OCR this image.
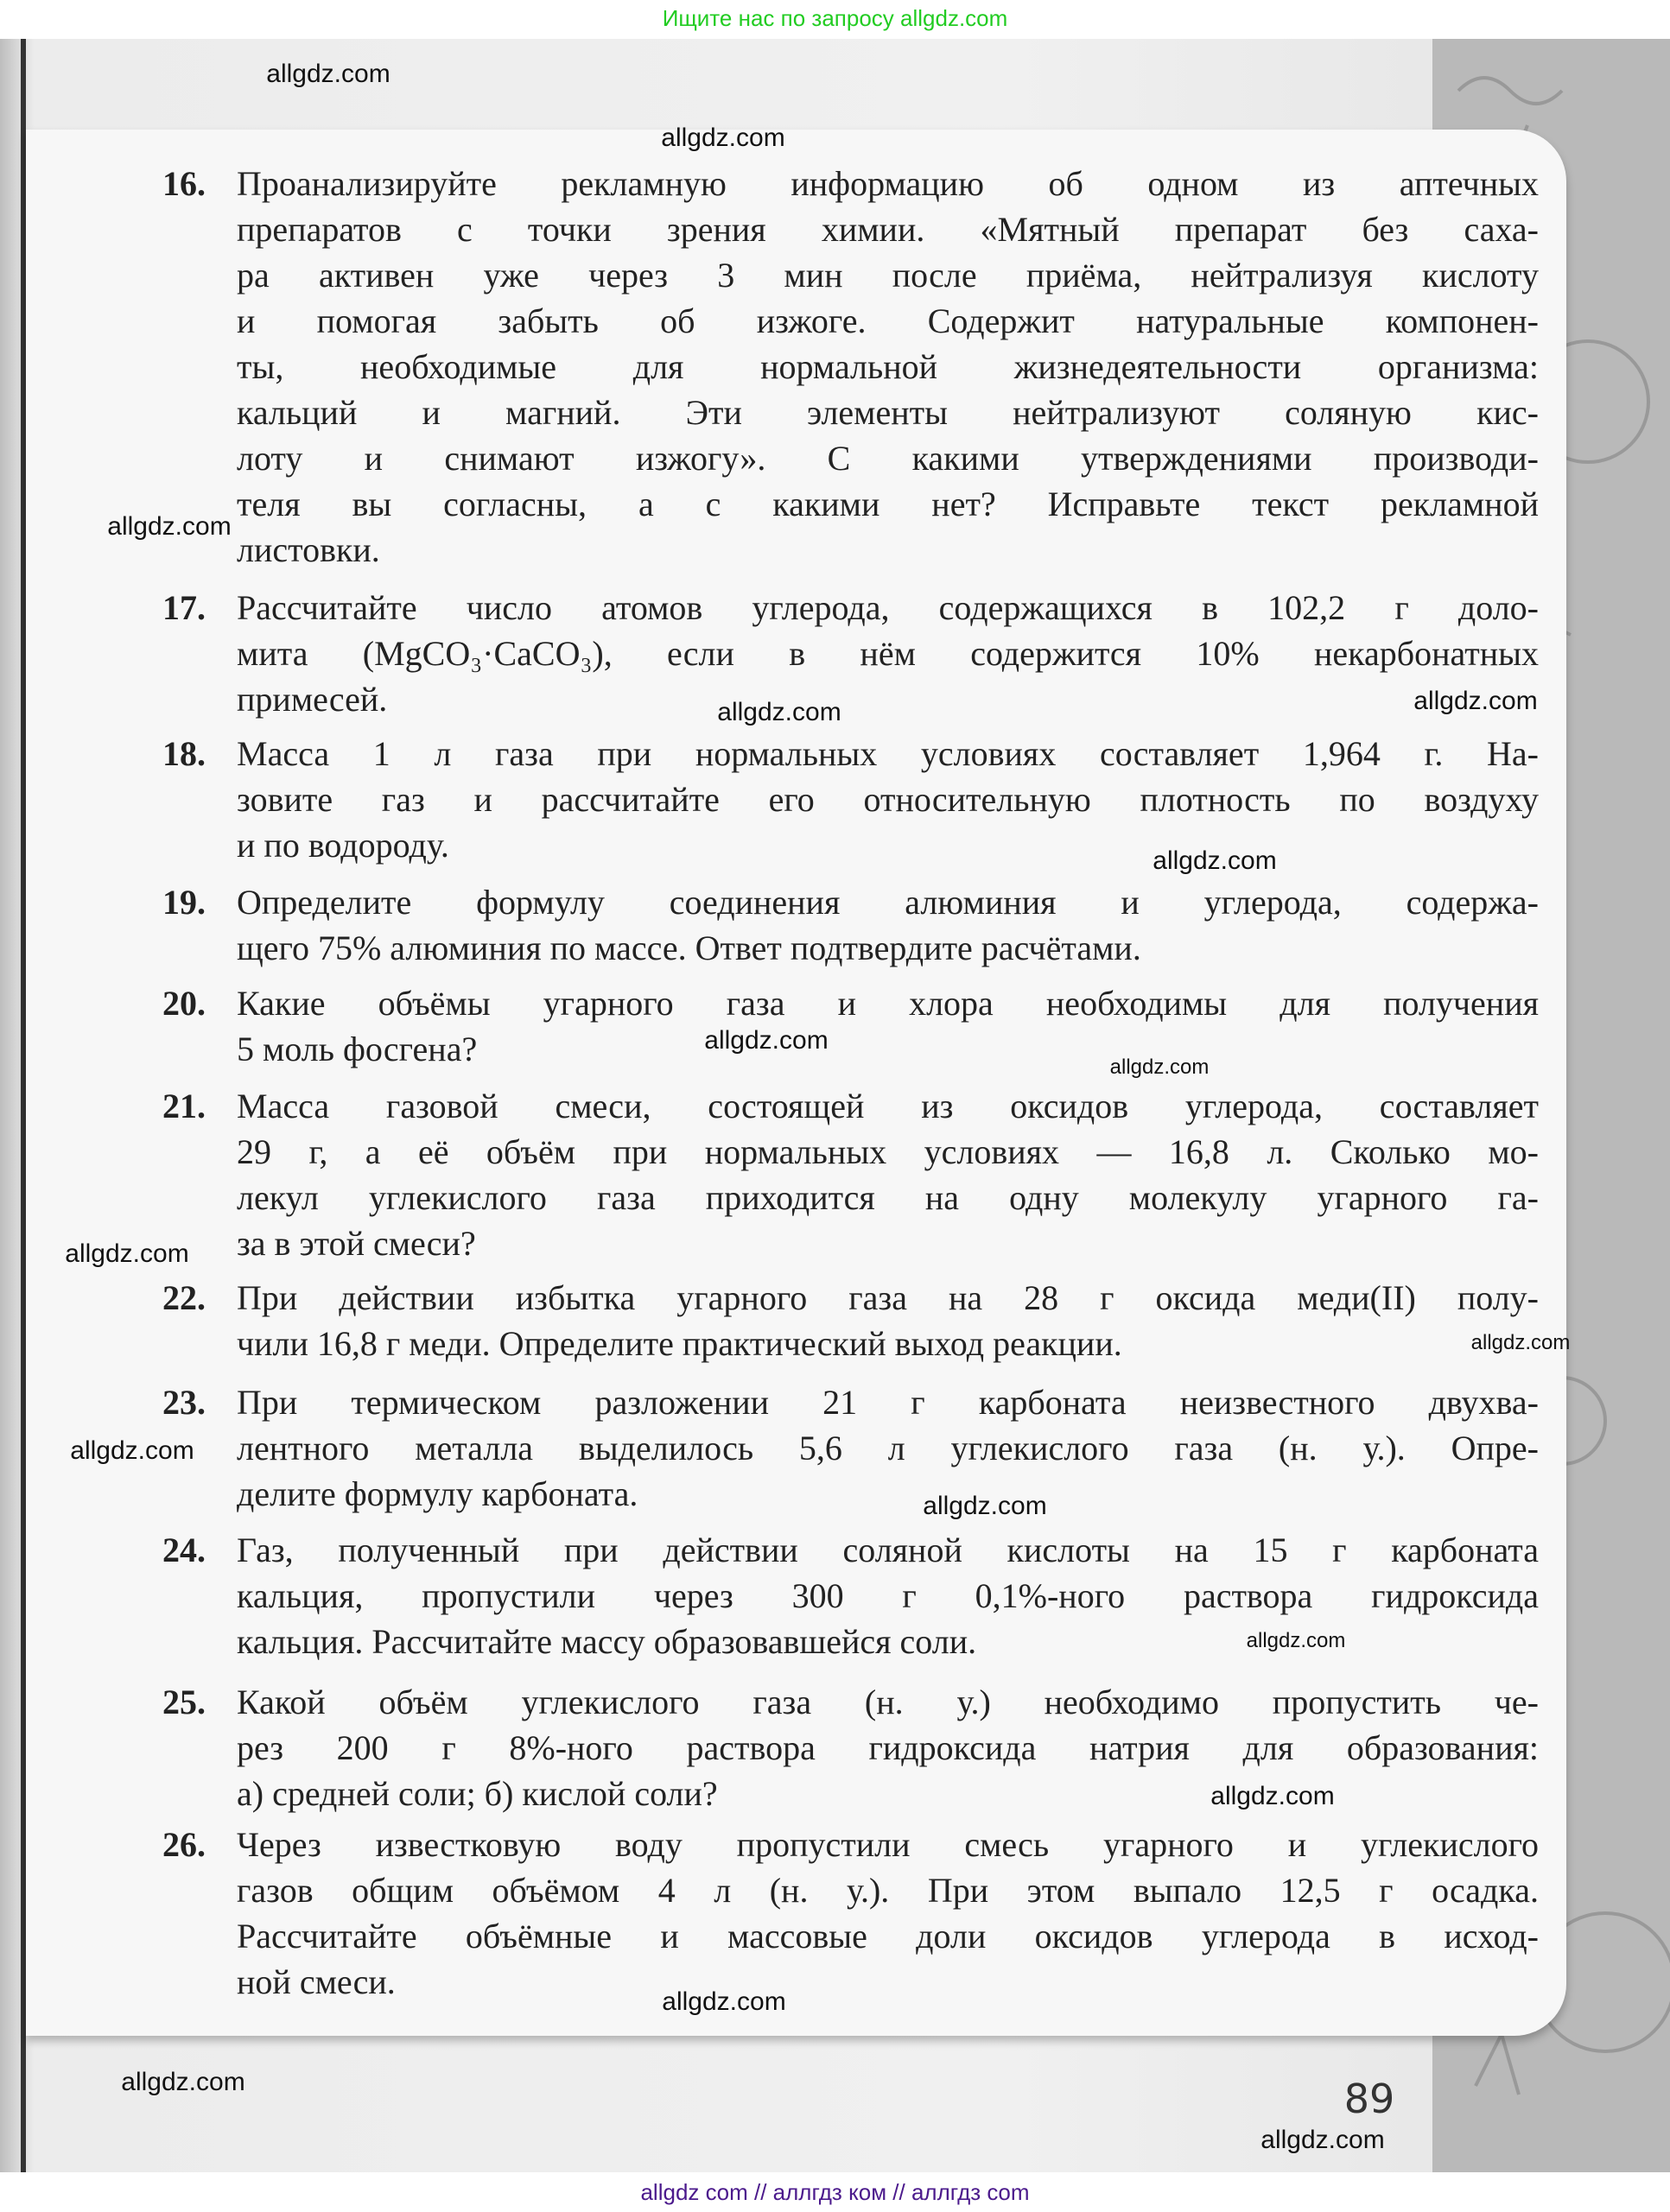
Ищите нас по запросу allgdz.com
16. Проанализируйте рекламную информацию об одном из аптечных
препаратов с точки зрения химии. «Мятный препарат без саха-
ра активен уже через 3 мин после приёма, нейтрализуя кислоту
и помогая забыть об изжоге. Содержит натуральные компонен-
ты, необходимые для нормальной жизнедеятельности организма:
кальций и магний. Эти элементы нейтрализуют соляную кис-
лоту и снимают изжогу». С какими утверждениями производи-
теля вы согласны, а с какими нет? Исправьте текст рекламной
листовки.
17. Рассчитайте число атомов углерода, содержащихся в 102,2 г доло-
мита (MgCO₃·CaCO₃), если в нём содержится 10% некарбонатных
примесей.
18. Масса 1 л газа при нормальных условиях составляет 1,964 г. На-
зовите газ и рассчитайте его относительную плотность по воздуху
и по водороду.
19. Определите формулу соединения алюминия и углерода, содержа-
щего 75% алюминия по массе. Ответ подтвердите расчётами.
20. Какие объёмы угарного газа и хлора необходимы для получения
5 моль фосгена?
21. Масса газовой смеси, состоящей из оксидов углерода, составляет
29 г, а её объём при нормальных условиях — 16,8 л. Сколько мо-
лекул углекислого газа приходится на одну молекулу угарного га-
за в этой смеси?
22. При действии избытка угарного газа на 28 г оксида меди(II) полу-
чили 16,8 г меди. Определите практический выход реакции.
23. При термическом разложении 21 г карбоната неизвестного двухва-
лентного металла выделилось 5,6 л углекислого газа (н. у.). Опре-
делите формулу карбоната.
24. Газ, полученный при действии соляной кислоты на 15 г карбоната
кальция, пропустили через 300 г 0,1%-ного раствора гидроксида
кальция. Рассчитайте массу образовавшейся соли.
25. Какой объём углекислого газа (н. у.) необходимо пропустить че-
рез 200 г 8%-ного раствора гидроксида натрия для образования:
а) средней соли; б) кислой соли?
26. Через известковую воду пропустили смесь угарного и углекислого
газов общим объёмом 4 л (н. у.). При этом выпало 12,5 г осадка.
Рассчитайте объёмные и массовые доли оксидов углерода в исход-
ной смеси.
allgdz.com
allgdz.com
allgdz.com
allgdz.com
allgdz.com
allgdz.com
allgdz.com
allgdz.com
allgdz.com
allgdz.com
allgdz.com
allgdz.com
allgdz.com
allgdz.com
allgdz.com
allgdz.com
allgdz.com
89
allgdz com // аллгдз ком // аллгдз com
